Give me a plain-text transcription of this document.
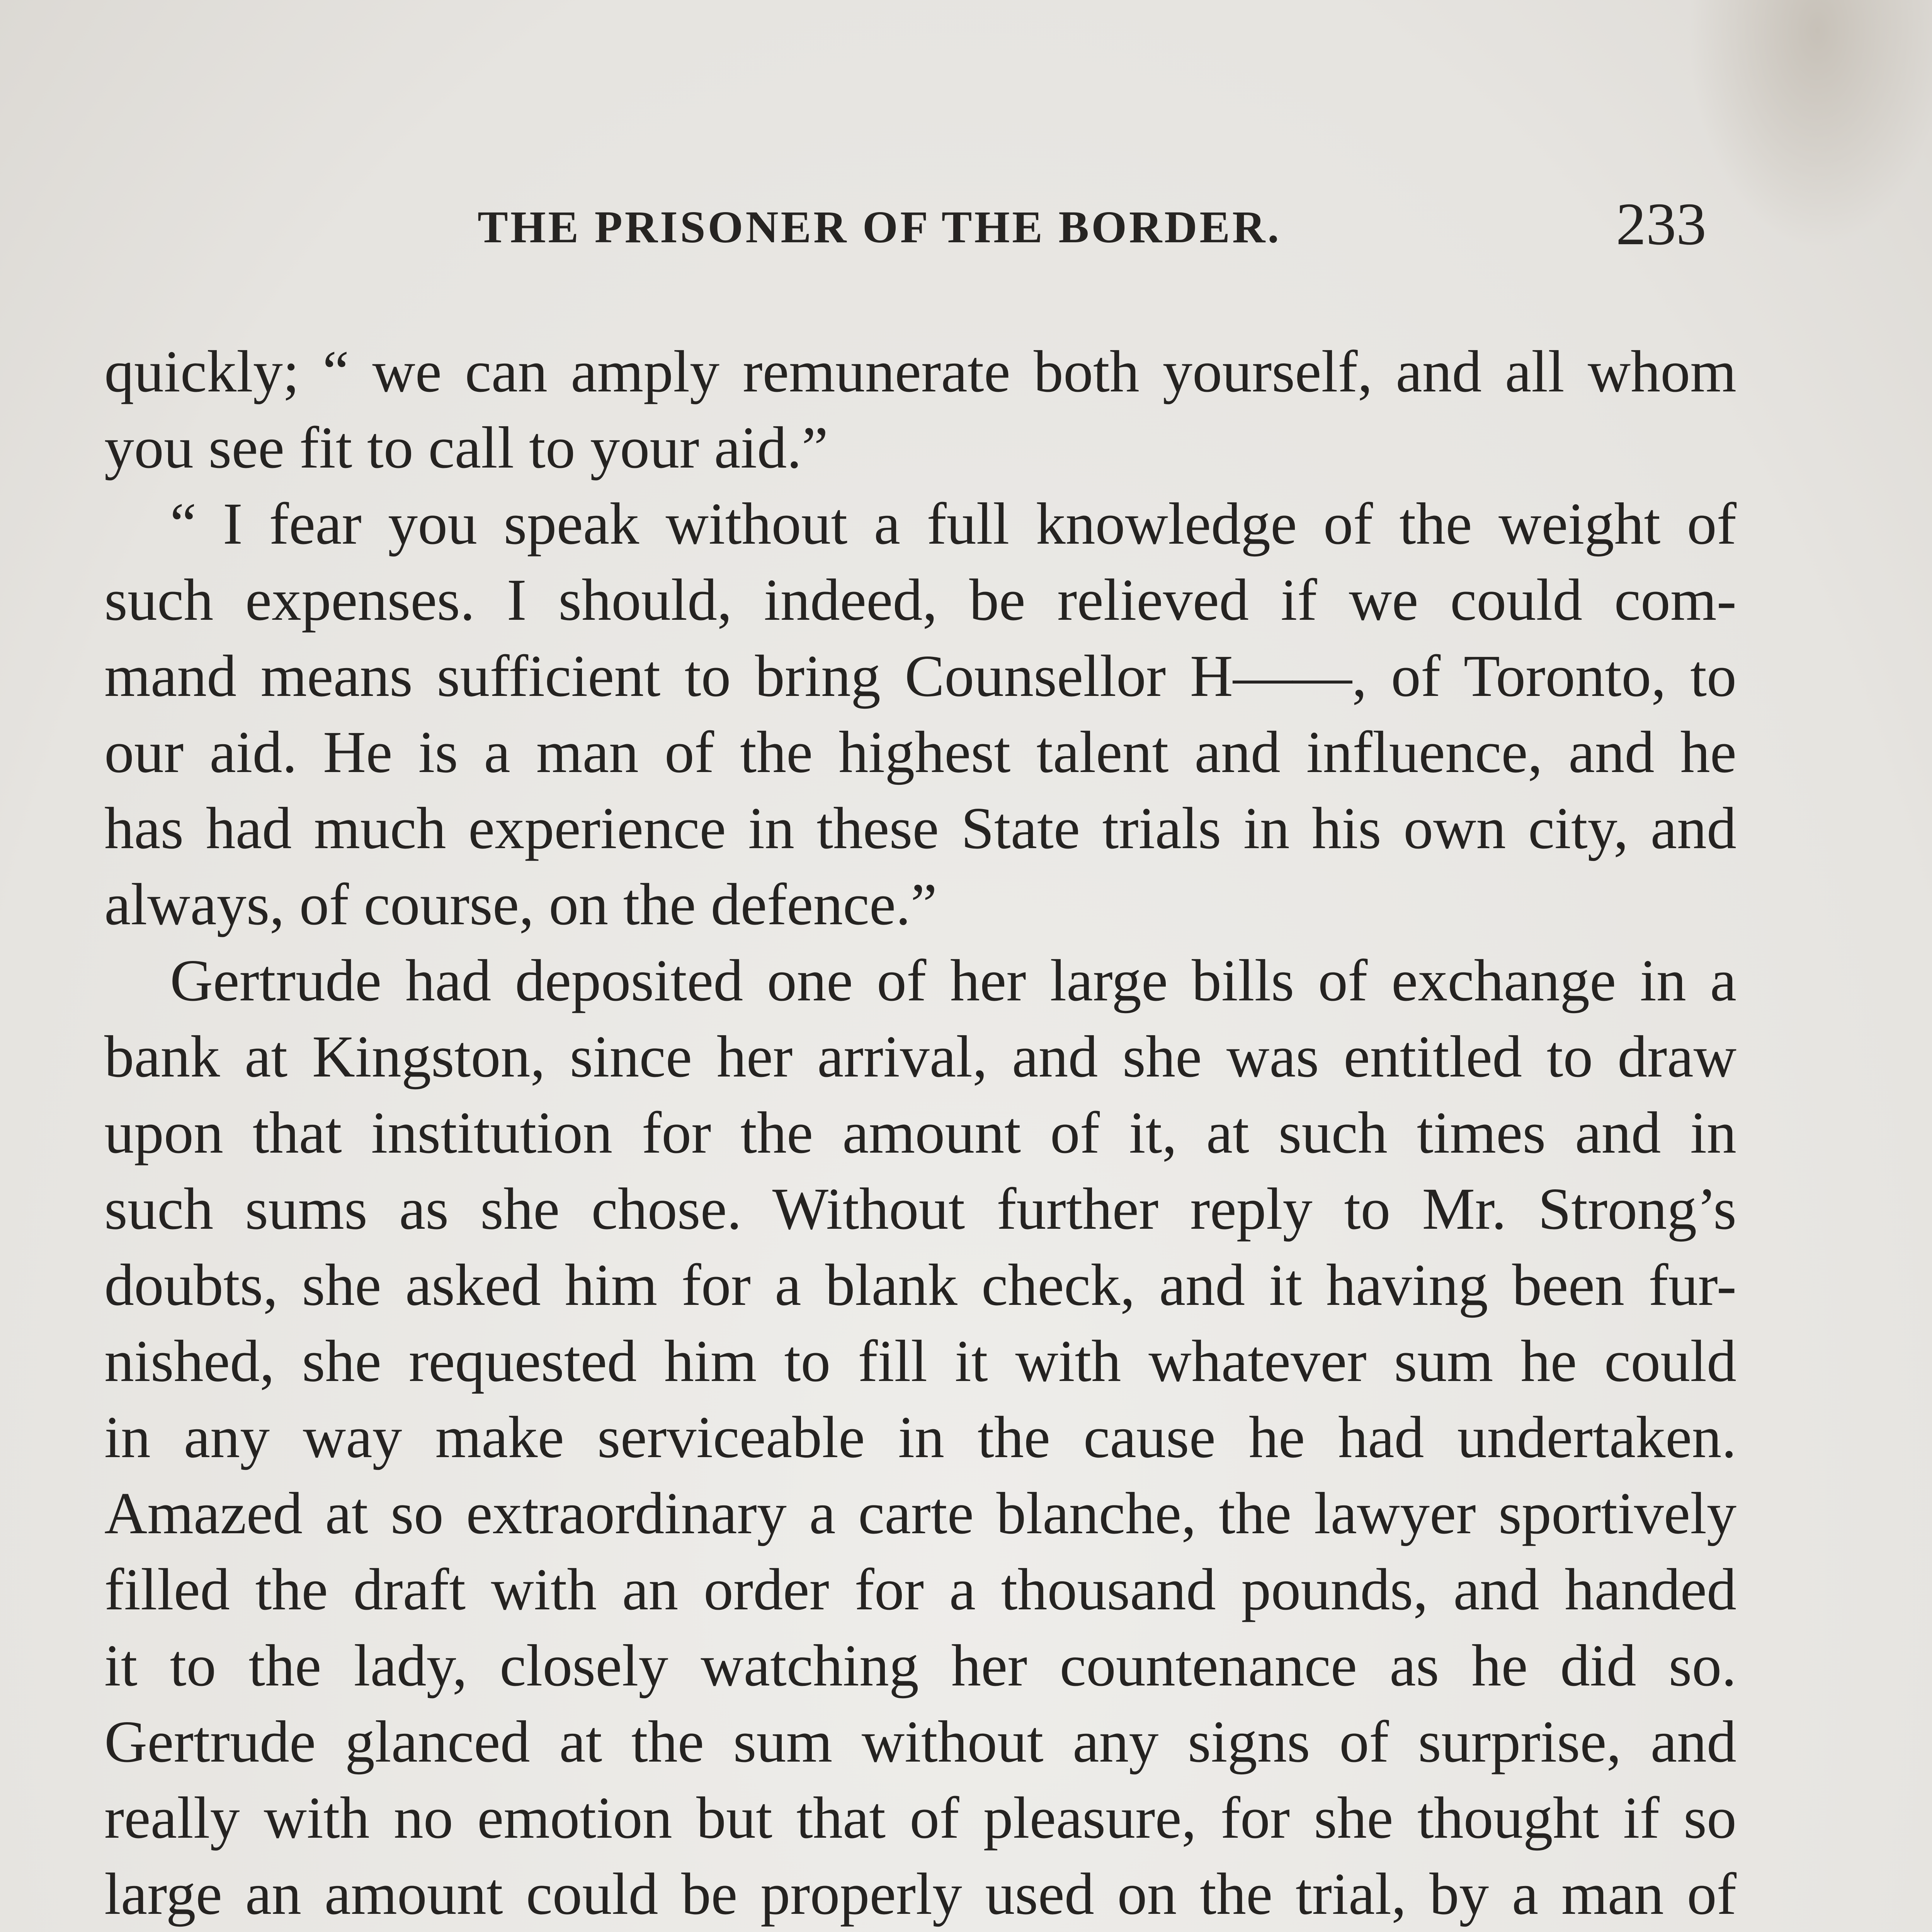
THE PRISONER OF THE BORDER.	233
quickly; “ we can amply remunerate both yourself, and all whom
you see fit to call to your aid.”
“ I fear you speak without a full knowledge of the weight of
such expenses. I should, indeed, be relieved if we could com-
mand means sufficient to bring Counsellor H——, of Toronto, to
our aid. He is a man of the highest talent and influence, and he
has had much experience in these State trials in his own city, and
always, of course, on the defence.”
Gertrude had deposited one of her large bills of exchange in a
bank at Kingston, since her arrival, and she was entitled to draw
upon that institution for the amount of it, at such times and in
such sums as she chose. Without further reply to Mr. Strong’s
doubts, she asked him for a blank check, and it having been fur-
nished, she requested him to fill it with whatever sum he could
in any way make serviceable in the cause he had undertaken.
Amazed at so extraordinary a carte blanche, the lawyer sportively
filled the draft with an order for a thousand pounds, and handed
it to the lady, closely watching her countenance as he did so.
Gertrude glanced at the sum without any signs of surprise, and
really with no emotion but that of pleasure, for she thought if so
large an amount could be properly used on the trial, by a man of
